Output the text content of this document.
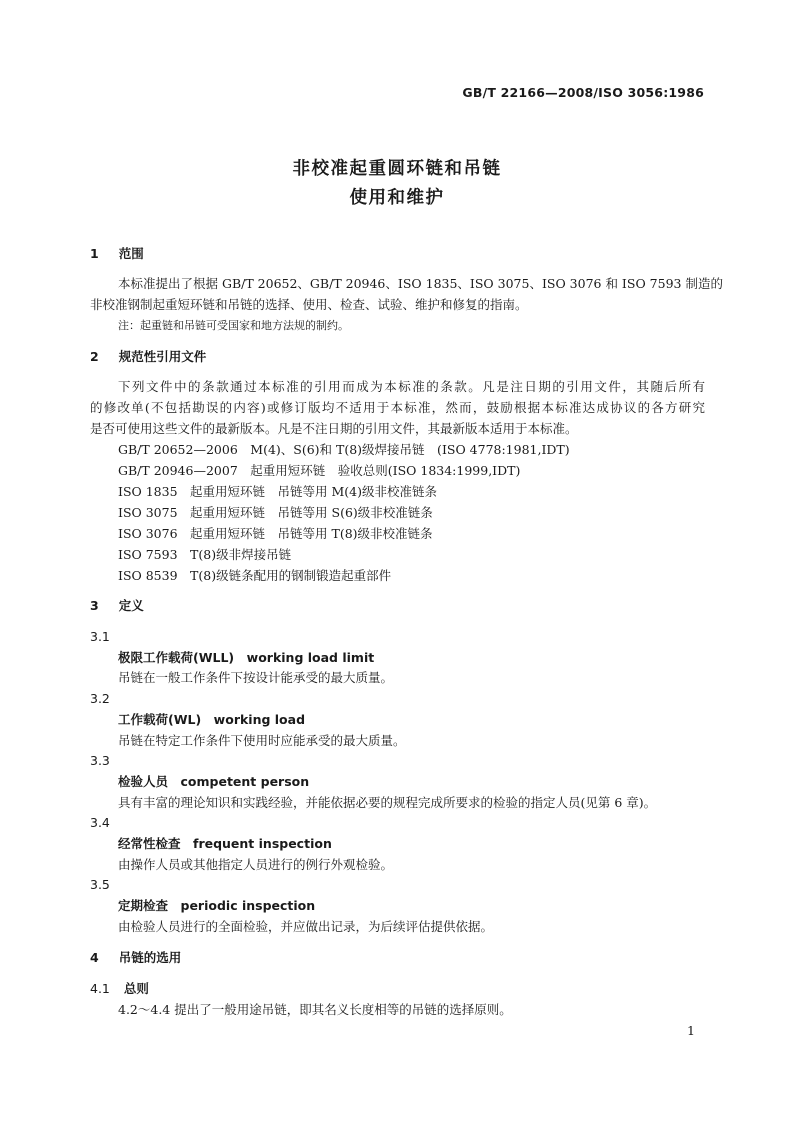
GB/T 22166—2008/ISO 3056:1986
非校准起重圆环链和吊链
使用和维护
1 范围
本标准提出了根据 GB/T 20652、GB/T 20946、ISO 1835、ISO 3075、ISO 3076 和 ISO 7593 制造的
非校准钢制起重短环链和吊链的选择、使用、检查、试验、维护和修复的指南。
注：起重链和吊链可受国家和地方法规的制约。
2 规范性引用文件
下列文件中的条款通过本标准的引用而成为本标准的条款。凡是注日期的引用文件，其随后所有
的修改单(不包括勘误的内容)或修订版均不适用于本标准，然而，鼓励根据本标准达成协议的各方研究
是否可使用这些文件的最新版本。凡是不注日期的引用文件，其最新版本适用于本标准。
GB/T 20652—2006　M(4)、S(6)和 T(8)级焊接吊链　(ISO 4778:1981,IDT)
GB/T 20946—2007　起重用短环链　验收总则(ISO 1834:1999,IDT)
ISO 1835　起重用短环链　吊链等用 M(4)级非校准链条
ISO 3075　起重用短环链　吊链等用 S(6)级非校准链条
ISO 3076　起重用短环链　吊链等用 T(8)级非校准链条
ISO 7593　T(8)级非焊接吊链
ISO 8539　T(8)级链条配用的钢制锻造起重部件
3 定义
3.1
极限工作载荷(WLL)　working load limit
吊链在一般工作条件下按设计能承受的最大质量。
3.2
工作载荷(WL)　working load
吊链在特定工作条件下使用时应能承受的最大质量。
3.3
检验人员　competent person
具有丰富的理论知识和实践经验，并能依据必要的规程完成所要求的检验的指定人员(见第 6 章)。
3.4
经常性检查　frequent inspection
由操作人员或其他指定人员进行的例行外观检验。
3.5
定期检查　periodic inspection
由检验人员进行的全面检验，并应做出记录，为后续评估提供依据。
4 吊链的选用
4.1 总则
4.2～4.4 提出了一般用途吊链，即其名义长度相等的吊链的选择原则。
1
